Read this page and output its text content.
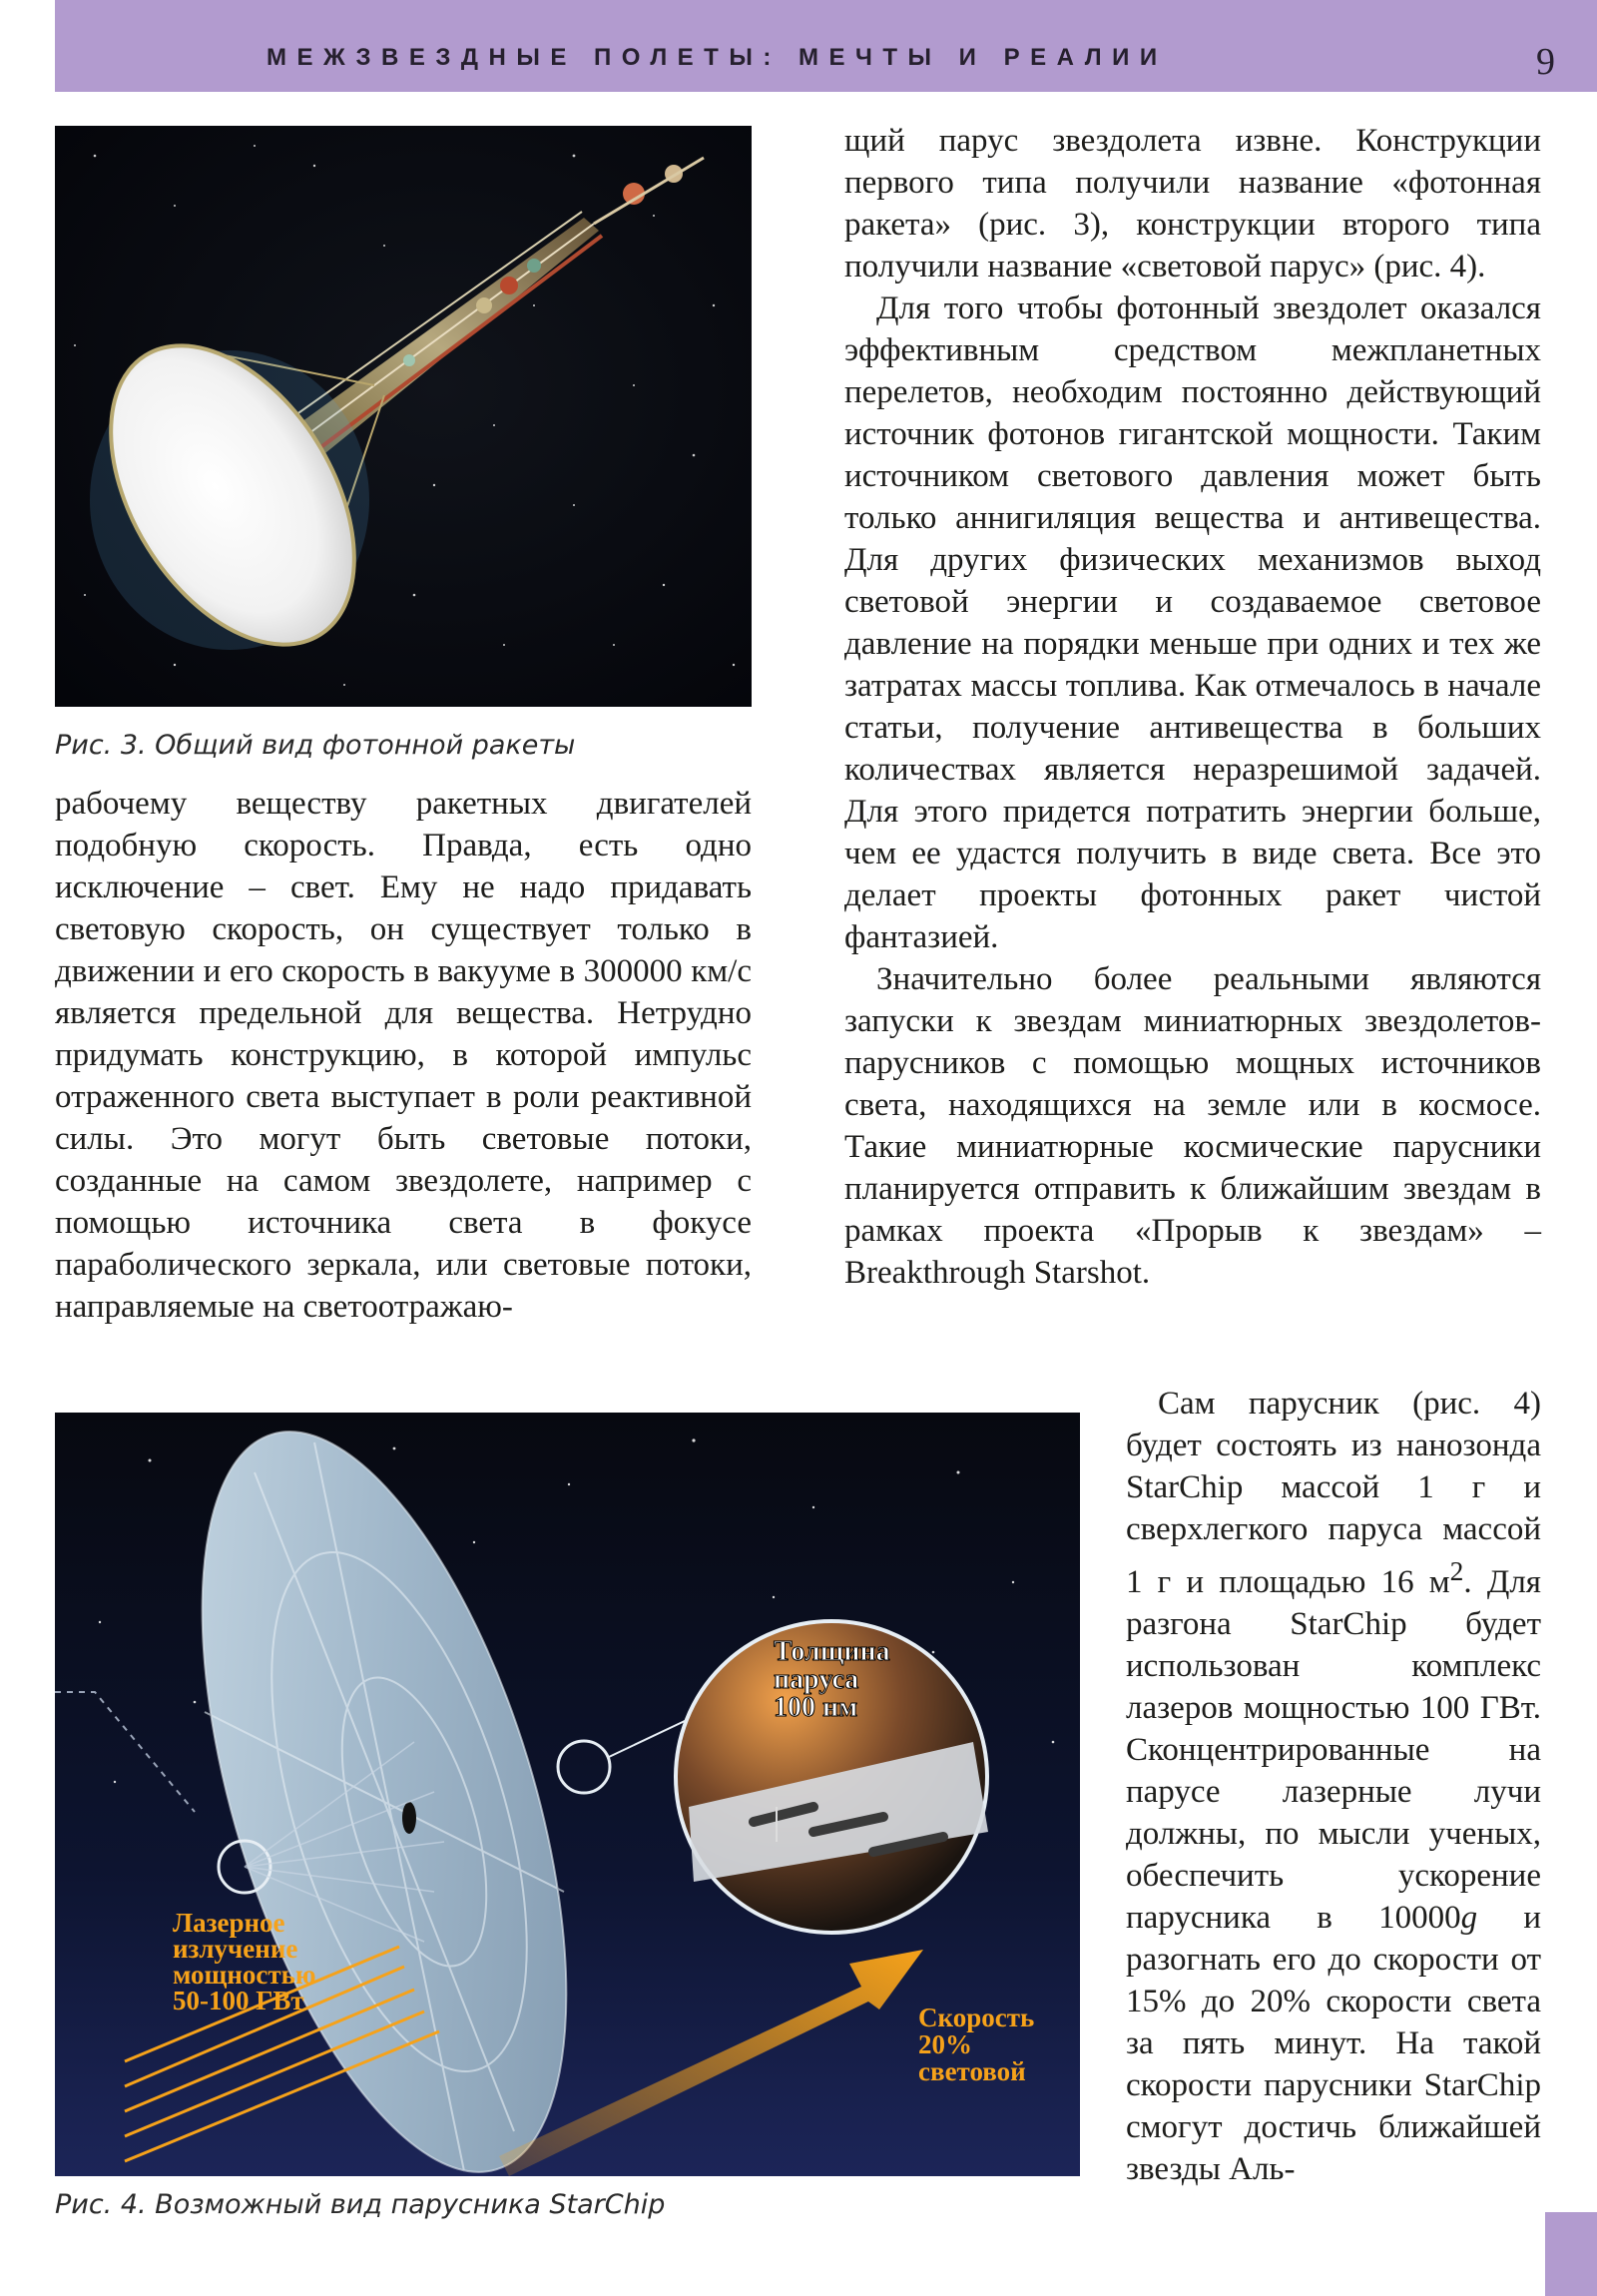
МЕЖЗВЕЗДНЫЕ ПОЛЕТЫ: МЕЧТЫ И РЕАЛИИ	9
Рис. 3. Общий вид фотонной ракеты

рабочему веществу ракетных двигателей подобную скорость. Правда, есть одно исключение – свет. Ему не надо придавать световую скорость, он существует только в движении и его скорость в вакууме в 300000 км/с является предельной для вещества. Нетрудно придумать конструкцию, в которой импульс отраженного света выступает в роли реактивной силы. Это могут быть световые потоки, созданные на самом звездолете, например с помощью источника света в фокусе параболического зеркала, или световые потоки, направляемые на светоотражаю-

щий парус звездолета извне. Конструкции первого типа получили название «фотонная ракета» (рис. 3), конструкции второго типа получили название «световой парус» (рис. 4).

Для того чтобы фотонный звездолет оказался эффективным средством межпланетных перелетов, необходим постоянно действующий источник фотонов гигантской мощности. Таким источником светового давления может быть только аннигиляция вещества и антивещества. Для других физических механизмов выход световой энергии и создаваемое световое давление на порядки меньше при одних и тех же затратах массы топлива. Как отмечалось в начале статьи, получение антивещества в больших количествах является неразрешимой задачей. Для этого придется потратить энергии больше, чем ее удастся получить в виде света. Все это делает проекты фотонных ракет чистой фантазией.

Значительно более реальными являются запуски к звездам миниатюрных звездолетов-парусников с помощью мощных источников света, находящихся на земле или в космосе. Такие миниатюрные космические парусники планируется отправить к ближайшим звездам в рамках проекта «Прорыв к звездам» – Breakthrough Starshot.

Толщина
паруса
100 нм
Лазерное
излучение
мощностью
50-100 ГВт
Скорость
20%
световой
Рис. 4. Возможный вид парусника StarChip

Сам парусник (рис. 4) будет состоять из нанозонда StarChip массой 1 г и сверхлегкого паруса массой 1 г и площадью 16 $м^2$. Для разгона StarChip будет использован комплекс лазеров мощностью 100 ГВт. Сконцентрированные на парусе лазерные лучи должны, по мысли ученых, обеспечить ускорение парусника в 10000g и разогнать его до скорости от 15% до 20% скорости света за пять минут. На такой скорости парусники StarChip смогут достичь ближайшей звезды Аль-
